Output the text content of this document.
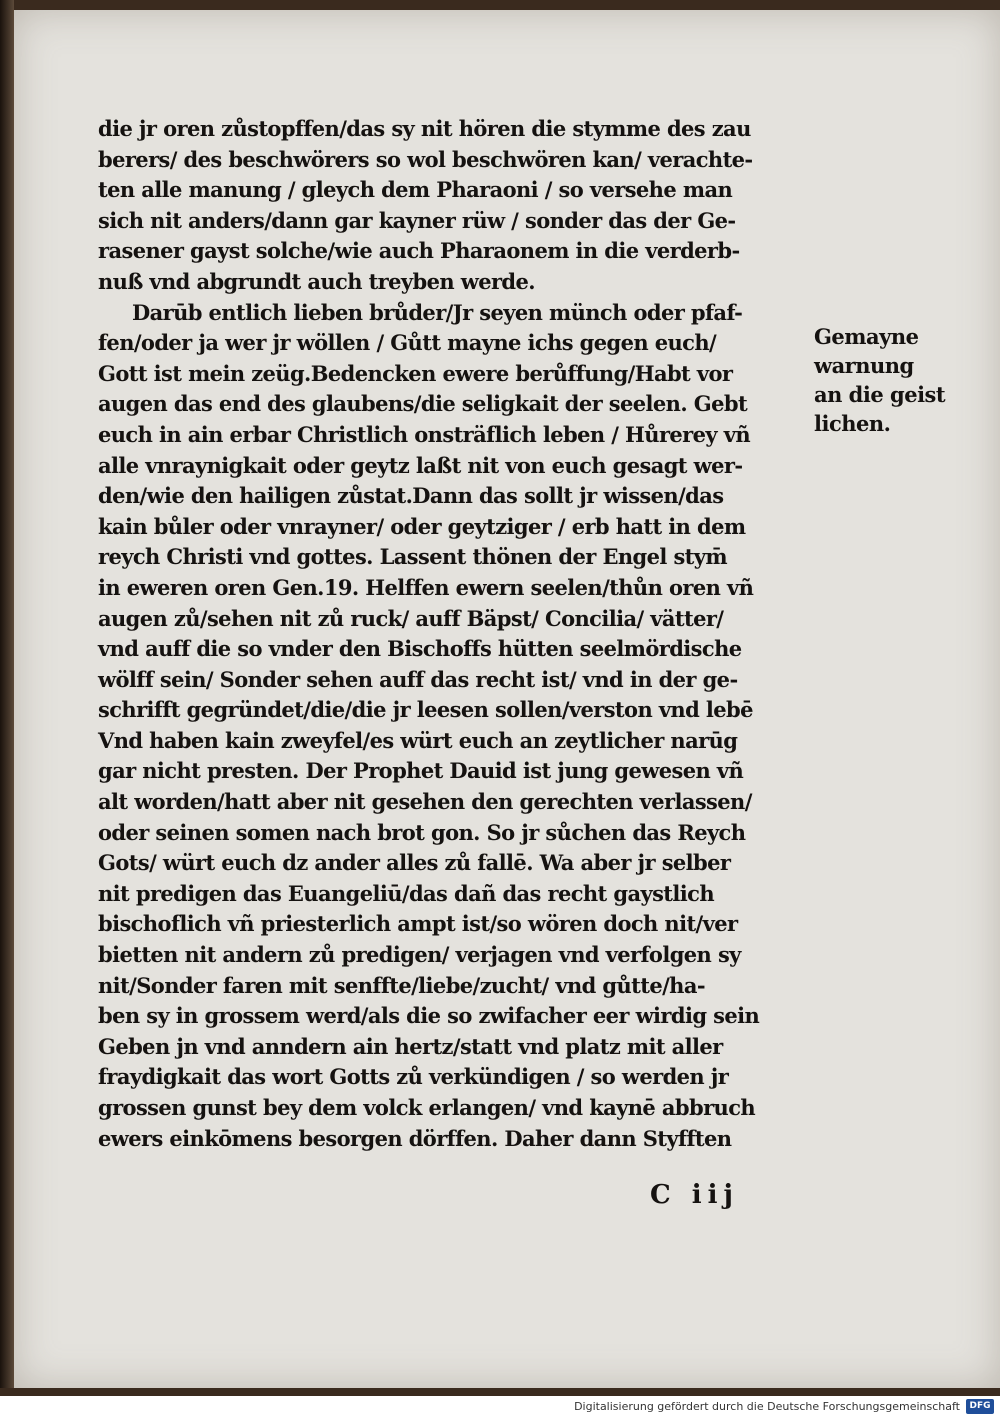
die jr oren zůstopffen/das sy nit hören die stymme des zau
berers/ des beschwörers so wol beschwören kan/ verachte-
ten alle manung / gleych dem Pharaoni / so versehe man
sich nit anders/dann gar kayner rüw / sonder das der Ge-
rasener gayst solche/wie auch Pharaonem in die verderb-
nuß vnd abgrundt auch treyben werde.
Darūb entlich lieben brůder/Jr seyen münch oder pfaf-
fen/oder ja wer jr wöllen / Gůtt mayne ichs gegen euch/
Gott ist mein zeüg.Bedencken ewere berůffung/Habt vor
augen das end des glaubens/die seligkait der seelen. Gebt
euch in ain erbar Christlich onsträflich leben / Hůrerey vñ
alle vnraynigkait oder geytz laßt nit von euch gesagt wer-
den/wie den hailigen zůstat.Dann das sollt jr wissen/das
kain bůler oder vnrayner/ oder geytziger / erb hatt in dem
reych Christi vnd gottes. Lassent thönen der Engel stym̄
in eweren oren Gen.19. Helffen ewern seelen/thůn oren vñ
augen zů/sehen nit zů ruck/ auff Bäpst/ Concilia/ vätter/
vnd auff die so vnder den Bischoffs hütten seelmördische
wölff sein/ Sonder sehen auff das recht ist/ vnd in der ge-
schrifft gegründet/die/die jr leesen sollen/verston vnd lebē
Vnd haben kain zweyfel/es würt euch an zeytlicher narūg
gar nicht presten. Der Prophet Dauid ist jung gewesen vñ
alt worden/hatt aber nit gesehen den gerechten verlassen/
oder seinen somen nach brot gon. So jr sůchen das Reych
Gots/ würt euch dz ander alles zů fallē. Wa aber jr selber
nit predigen das Euangeliū/das dañ das recht gaystlich
bischoflich vñ priesterlich ampt ist/so wören doch nit/ver
bietten nit andern zů predigen/ verjagen vnd verfolgen sy
nit/Sonder faren mit senffte/liebe/zucht/ vnd gůtte/ha-
ben sy in grossem werd/als die so zwifacher eer wirdig sein
Geben jn vnd anndern ain hertz/statt vnd platz mit aller
fraydigkait das wort Gotts zů verkündigen / so werden jr
grossen gunst bey dem volck erlangen/ vnd kaynē abbruch
ewers einkōmens besorgen dörffen. Daher dann Styfften
Gemayne
warnung
an die geist
lichen.
C iij
Digitalisierung gefördert durch die Deutsche Forschungsgemeinschaft	DFG
